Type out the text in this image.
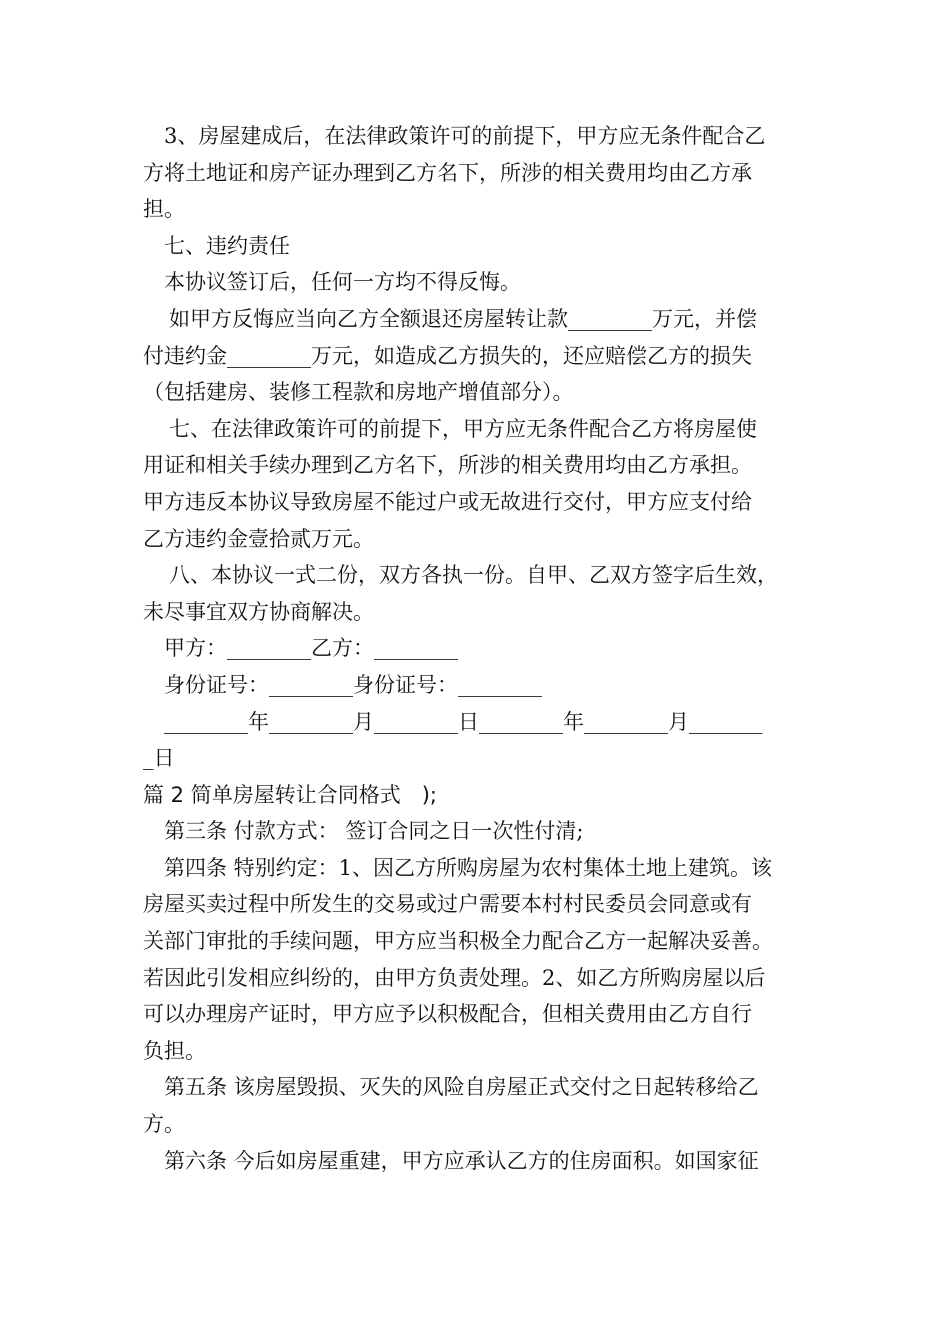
3、房屋建成后，在法律政策许可的前提下，甲方应无条件配合乙
方将土地证和房产证办理到乙方名下，所涉的相关费用均由乙方承
担。
七、违约责任
本协议签订后，任何一方均不得反悔。
如甲方反悔应当向乙方全额退还房屋转让款________万元，并偿
付违约金________万元，如造成乙方损失的，还应赔偿乙方的损失
（包括建房、装修工程款和房地产增值部分）。
七、在法律政策许可的前提下，甲方应无条件配合乙方将房屋使
用证和相关手续办理到乙方名下，所涉的相关费用均由乙方承担。
甲方违反本协议导致房屋不能过户或无故进行交付，甲方应支付给
乙方违约金壹拾贰万元。
八、本协议一式二份，双方各执一份。自甲、乙双方签字后生效，
未尽事宜双方协商解决。
甲方：________乙方：________
身份证号：________身份证号：________
________年________月________日________年________月_______
_日
篇 2 简单房屋转让合同格式　);
第三条 付款方式： 签订合同之日一次性付清;
第四条 特别约定：1、因乙方所购房屋为农村集体土地上建筑。该
房屋买卖过程中所发生的交易或过户需要本村村民委员会同意或有
关部门审批的手续问题，甲方应当积极全力配合乙方一起解决妥善。
若因此引发相应纠纷的，由甲方负责处理。2、如乙方所购房屋以后
可以办理房产证时，甲方应予以积极配合，但相关费用由乙方自行
负担。
第五条 该房屋毁损、灭失的风险自房屋正式交付之日起转移给乙
方。
第六条 今后如房屋重建，甲方应承认乙方的住房面积。如国家征
